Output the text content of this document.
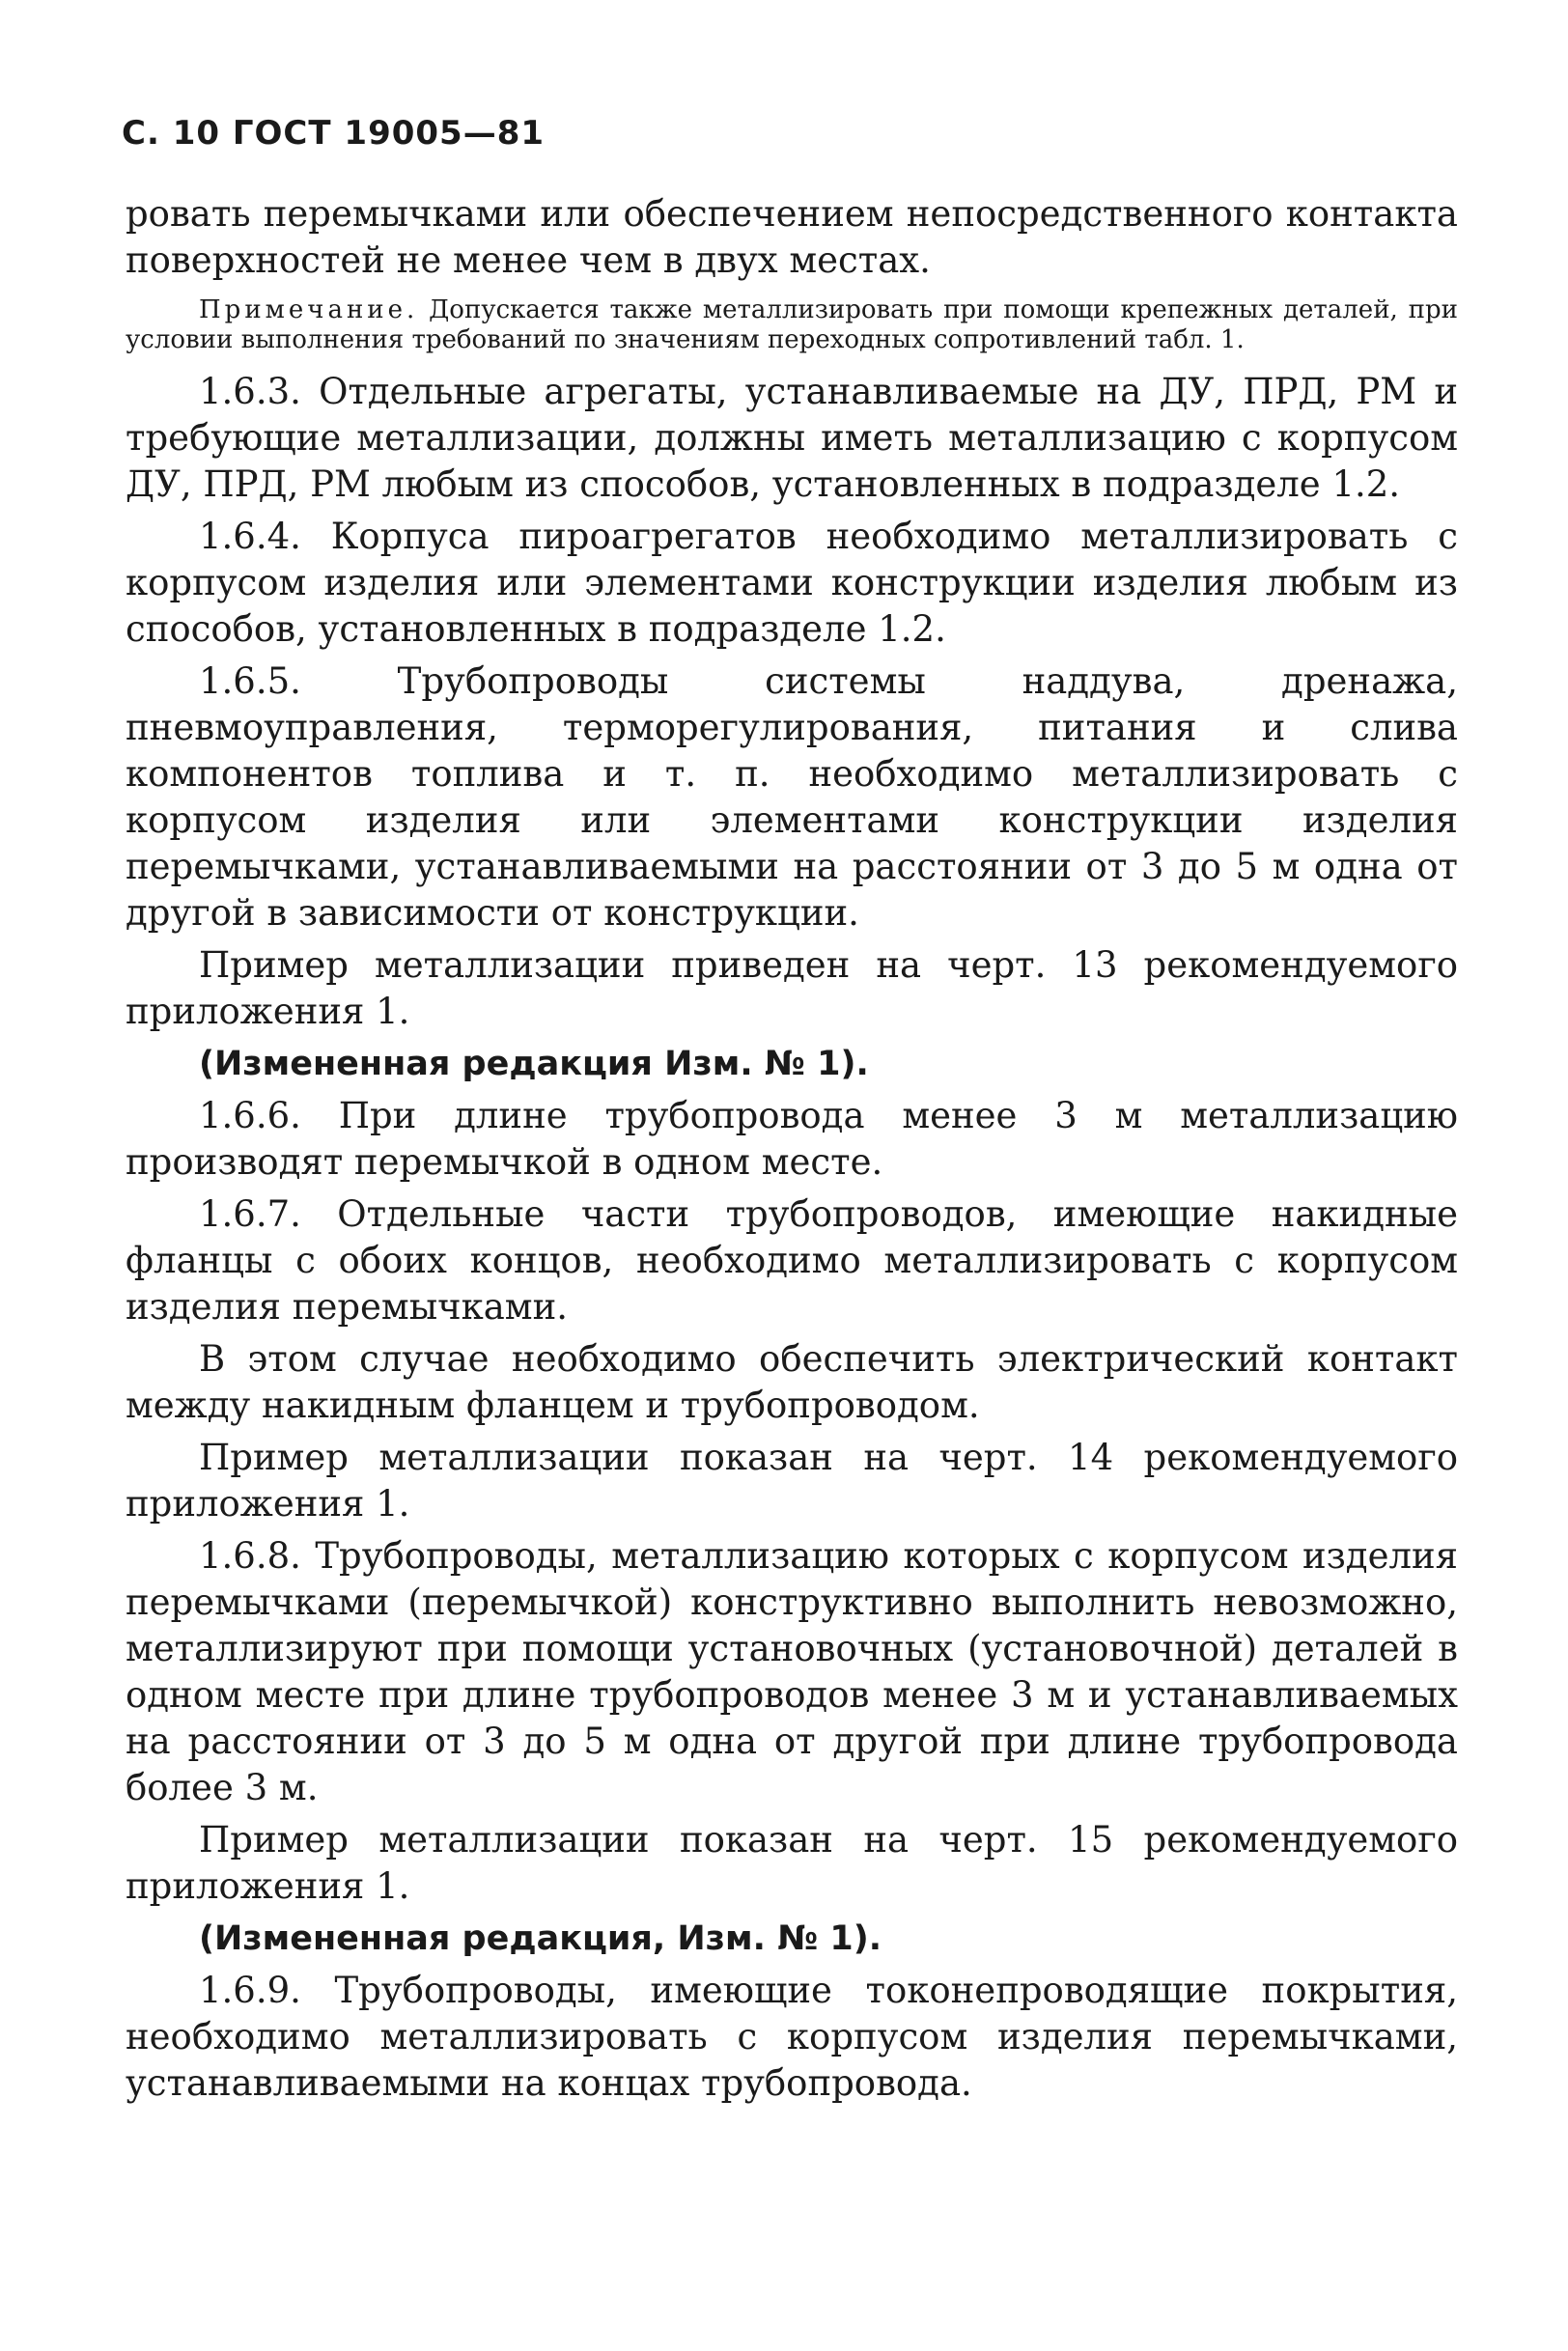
С. 10 ГОСТ 19005—81

ровать перемычками или обеспечением непосредственного контакта поверхностей не менее чем в двух местах.

Примечание. Допускается также металлизировать при помощи крепежных деталей, при условии выполнения требований по значениям переходных сопротивлений табл. 1.

1.6.3. Отдельные агрегаты, устанавливаемые на ДУ, ПРД, РМ и требующие металлизации, должны иметь металлизацию с корпусом ДУ, ПРД, РМ любым из способов, установленных в подразделе 1.2.

1.6.4. Корпуса пироагрегатов необходимо металлизировать с корпусом изделия или элементами конструкции изделия любым из способов, установленных в подразделе 1.2.

1.6.5. Трубопроводы системы наддува, дренажа, пневмоуправления, терморегулирования, питания и слива компонентов топлива и т. п. необходимо металлизировать с корпусом изделия или элементами конструкции изделия перемычками, устанавливаемыми на расстоянии от 3 до 5 м одна от другой в зависимости от конструкции.

Пример металлизации приведен на черт. 13 рекомендуемого приложения 1.

(Измененная редакция Изм. № 1).

1.6.6. При длине трубопровода менее 3 м металлизацию производят перемычкой в одном месте.

1.6.7. Отдельные части трубопроводов, имеющие накидные фланцы с обоих концов, необходимо металлизировать с корпусом изделия перемычками.

В этом случае необходимо обеспечить электрический контакт между накидным фланцем и трубопроводом.

Пример металлизации показан на черт. 14 рекомендуемого приложения 1.

1.6.8. Трубопроводы, металлизацию которых с корпусом изделия перемычками (перемычкой) конструктивно выполнить невозможно, металлизируют при помощи установочных (установочной) деталей в одном месте при длине трубопроводов менее 3 м и устанавливаемых на расстоянии от 3 до 5 м одна от другой при длине трубопровода более 3 м.

Пример металлизации показан на черт. 15 рекомендуемого приложения 1.

(Измененная редакция, Изм. № 1).

1.6.9. Трубопроводы, имеющие токонепроводящие покрытия, необходимо металлизировать с корпусом изделия перемычками, устанавливаемыми на концах трубопровода.
